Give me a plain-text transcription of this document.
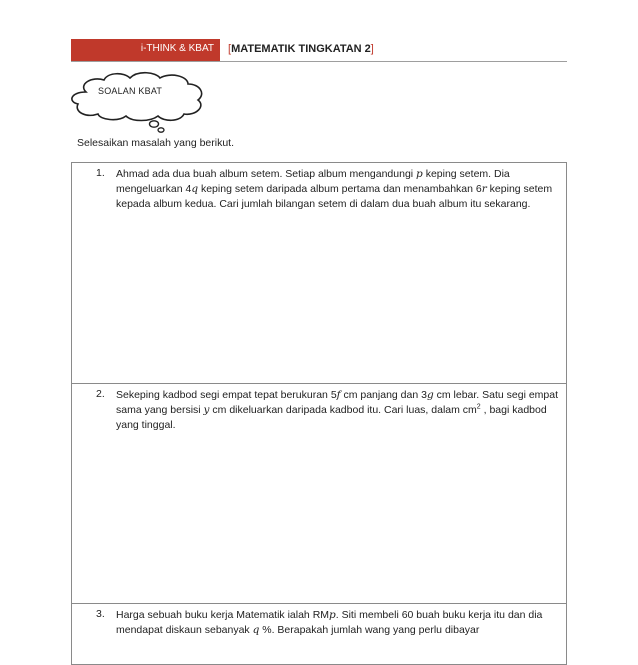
i-THINK & KBAT [MATEMATIK TINGKATAN 2]
SOALAN KBAT
Selesaikan masalah yang berikut.
1. Ahmad ada dua buah album setem. Setiap album mengandungi p keping setem. Dia mengeluarkan 4q keping setem daripada album pertama dan menambahkan 6r keping setem kepada album kedua. Cari jumlah bilangan setem di dalam dua buah album itu sekarang.
2. Sekeping kadbod segi empat tepat berukuran 5f cm panjang dan 3g cm lebar. Satu segi empat sama yang bersisi y cm dikeluarkan daripada kadbod itu. Cari luas, dalam $cm^2$ , bagi kadbod yang tinggal.
3. Harga sebuah buku kerja Matematik ialah RMp. Siti membeli 60 buah buku kerja itu dan dia mendapat diskaun sebanyak q %. Berapakah jumlah wang yang perlu dibayar
